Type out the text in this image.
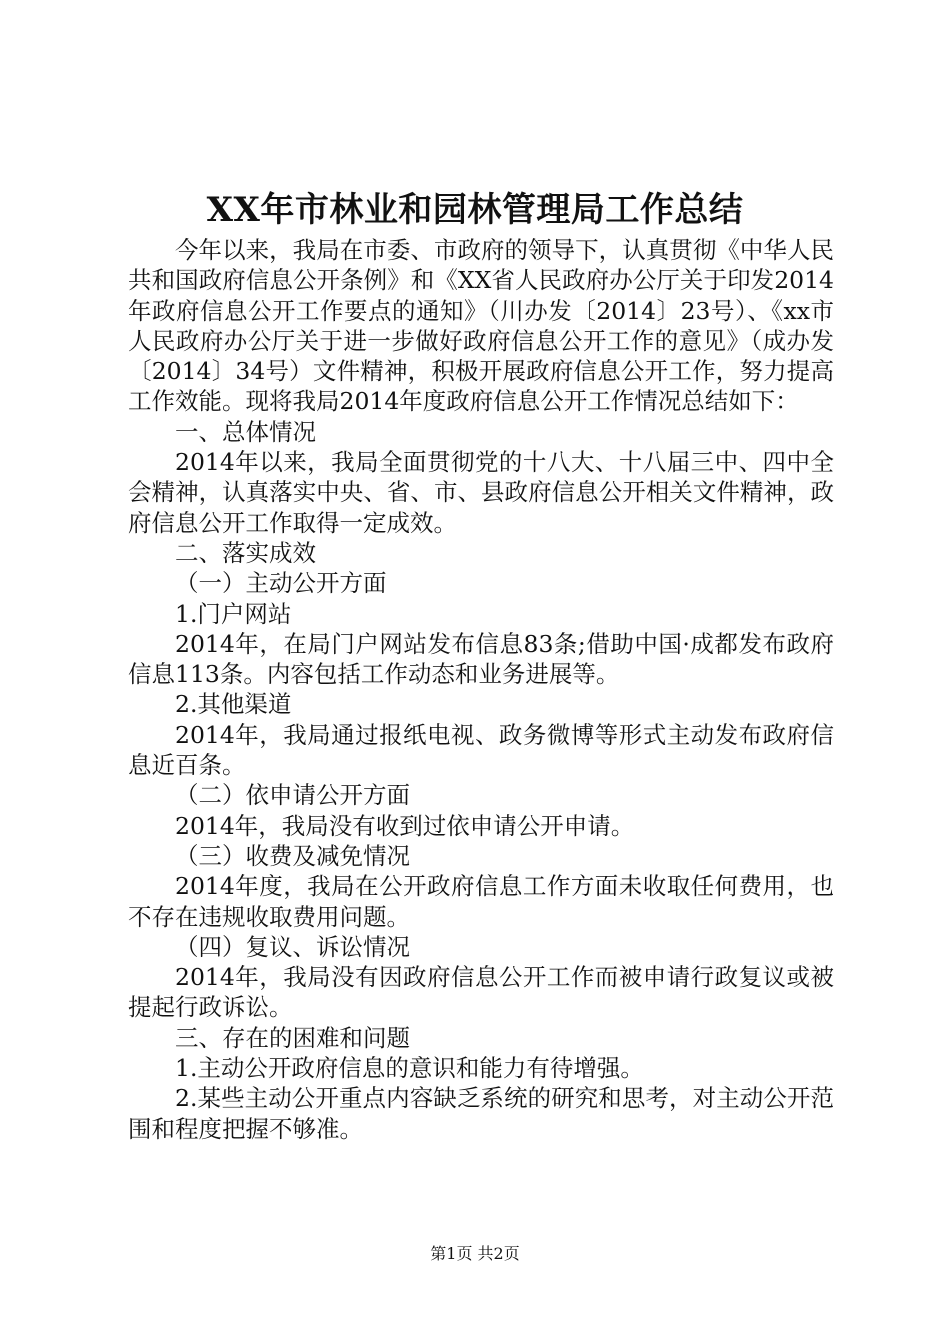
XX年市林业和园林管理局工作总结

今年以来，我局在市委、市政府的领导下，认真贯彻《中华人民共和国政府信息公开条例》和《XX省人民政府办公厅关于印发2014年政府信息公开工作要点的通知》（川办发〔2014〕23号）、《xx市人民政府办公厅关于进一步做好政府信息公开工作的意见》（成办发〔2014〕34号）文件精神，积极开展政府信息公开工作，努力提高工作效能。现将我局2014年度政府信息公开工作情况总结如下：

一、总体情况

2014年以来，我局全面贯彻党的十八大、十八届三中、四中全会精神，认真落实中央、省、市、县政府信息公开相关文件精神，政府信息公开工作取得一定成效。

二、落实成效

（一）主动公开方面

1.门户网站

2014年，在局门户网站发布信息83条;借助中国·成都发布政府信息113条。内容包括工作动态和业务进展等。

2.其他渠道

2014年，我局通过报纸电视、政务微博等形式主动发布政府信息近百条。

（二）依申请公开方面

2014年，我局没有收到过依申请公开申请。

（三）收费及减免情况

2014年度，我局在公开政府信息工作方面未收取任何费用，也不存在违规收取费用问题。

（四）复议、诉讼情况

2014年，我局没有因政府信息公开工作而被申请行政复议或被提起行政诉讼。

三、存在的困难和问题

1.主动公开政府信息的意识和能力有待增强。

2.某些主动公开重点内容缺乏系统的研究和思考，对主动公开范围和程度把握不够准。

第1页 共2页
